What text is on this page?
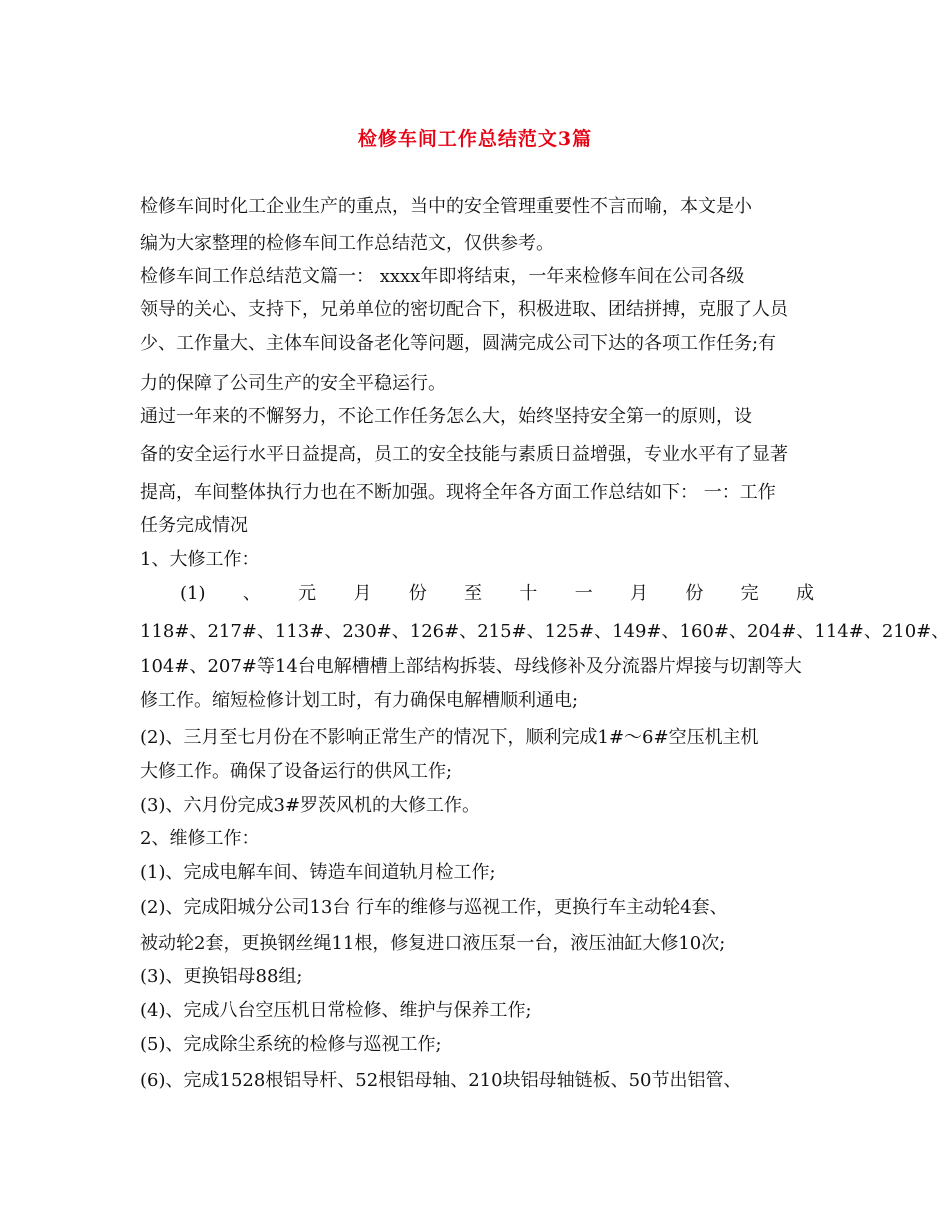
检修车间工作总结范文3篇
检修车间时化工企业生产的重点，当中的安全管理重要性不言而喻，本文是小
编为大家整理的检修车间工作总结范文，仅供参考。
检修车间工作总结范文篇一： xxxx年即将结束，一年来检修车间在公司各级
领导的关心、支持下，兄弟单位的密切配合下，积极进取、团结拼搏，克服了人员
少、工作量大、主体车间设备老化等问题，圆满完成公司下达的各项工作任务;有
力的保障了公司生产的安全平稳运行。
通过一年来的不懈努力，不论工作任务怎么大，始终坚持安全第一的原则，设
备的安全运行水平日益提高，员工的安全技能与素质日益增强，专业水平有了显著
提高，车间整体执行力也在不断加强。现将全年各方面工作总结如下： 一：工作
任务完成情况
1、大修工作：
(1) 、 元 月 份 至 十 一 月 份 完 成
118#、217#、113#、230#、126#、215#、125#、149#、160#、204#、114#、210#、
104#、207#等14台电解槽槽上部结构拆装、母线修补及分流器片焊接与切割等大
修工作。缩短检修计划工时，有力确保电解槽顺利通电;
(2)、三月至七月份在不影响正常生产的情况下，顺利完成1#～6#空压机主机
大修工作。确保了设备运行的供风工作;
(3)、六月份完成3#罗茨风机的大修工作。
2、维修工作：
(1)、完成电解车间、铸造车间道轨月检工作;
(2)、完成阳城分公司13台 行车的维修与巡视工作，更换行车主动轮4套、
被动轮2套，更换钢丝绳11根，修复进口液压泵一台，液压油缸大修10次;
(3)、更换铝母88组;
(4)、完成八台空压机日常检修、维护与保养工作;
(5)、完成除尘系统的检修与巡视工作;
(6)、完成1528根铝导杆、52根铝母轴、210块铝母轴链板、50节出铝管、
